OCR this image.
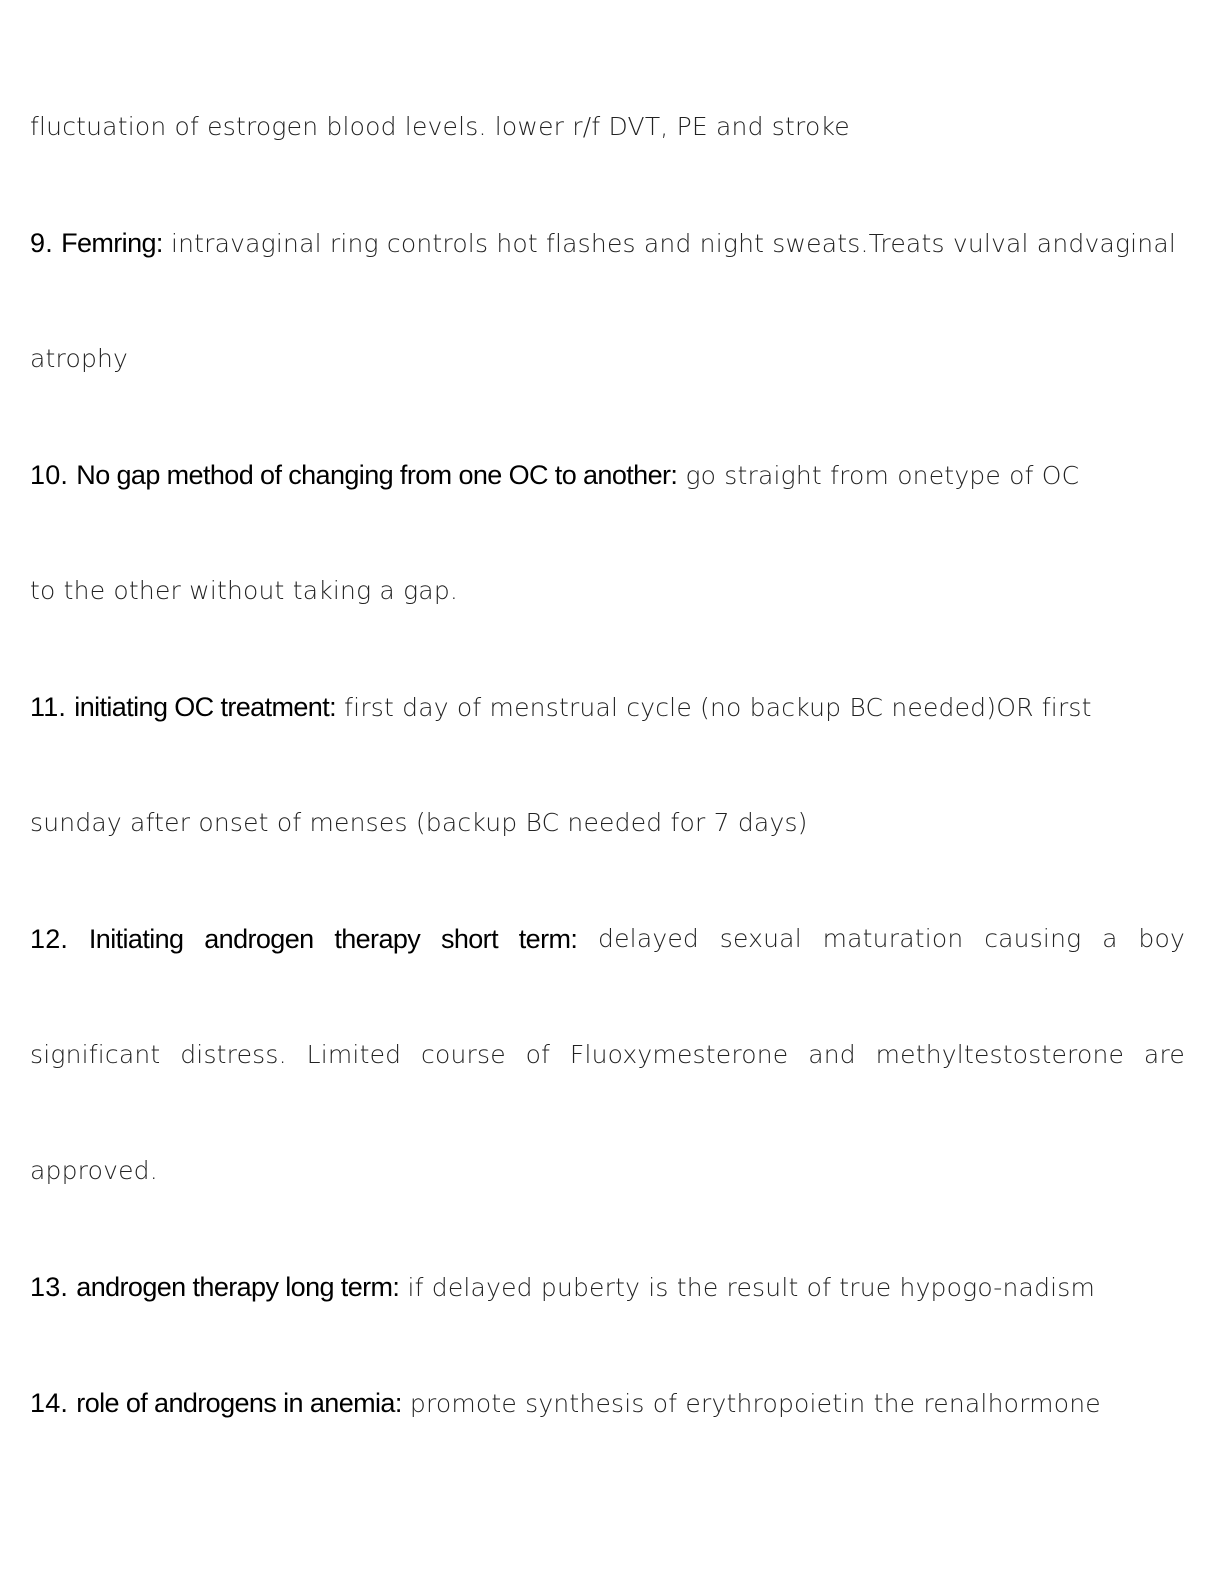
fluctuation of estrogen blood levels. lower r/f DVT, PE and stroke
9. Femring: intravaginal ring controls hot flashes and night sweats.Treats vulval andvaginal
atrophy
10. No gap method of changing from one OC to another: go straight from onetype of OC
to the other without taking a gap.
11. initiating OC treatment: first day of menstrual cycle (no backup BC needed)OR first
sunday after onset of menses (backup BC needed for 7 days)
12. Initiating androgen therapy short term: delayed sexual maturation causing a boy
significant distress. Limited course of Fluoxymesterone and methyltestosterone are
approved.
13. androgen therapy long term: if delayed puberty is the result of true hypogo-nadism
14. role of androgens in anemia: promote synthesis of erythropoietin the renalhormone
